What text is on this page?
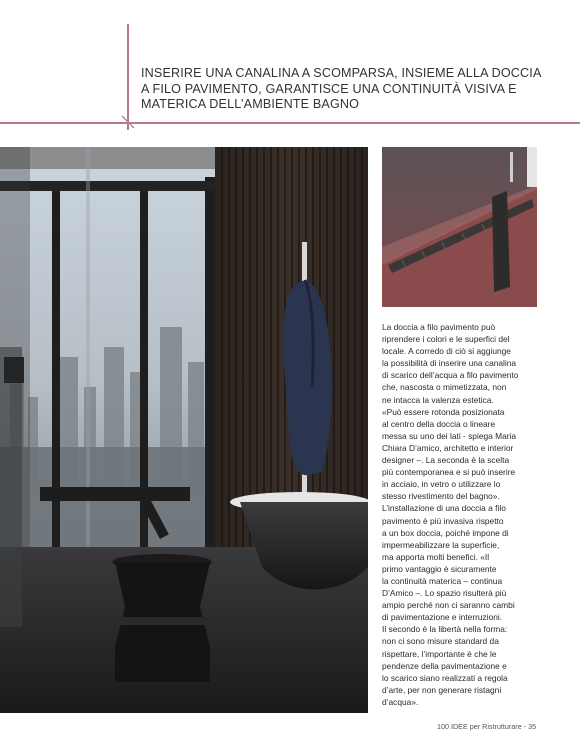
INSERIRE UNA CANALINA A SCOMPARSA, INSIEME ALLA DOCCIA
A FILO PAVIMENTO, GARANTISCE UNA CONTINUITÀ VISIVA E
MATERICA DELL’AMBIENTE BAGNO
La doccia a filo pavimento può
riprendere i colori e le superfici del
locale. A corredo di ciò si aggiunge
la possibilità di inserire una canalina
di scarico dell’acqua a filo pavimento
che, nascosta o mimetizzata, non
ne intacca la valenza estetica.
«Può essere rotonda posizionata
al centro della doccia o lineare
messa su uno dei lati - spiega Maria
Chiara D’amico, architetto e interior
designer –. La seconda è la scelta
più contemporanea e si può inserire
in acciaio, in vetro o utilizzare lo
stesso rivestimento del bagno».
L’installazione di una doccia a filo
pavimento è più invasiva rispetto
a un box doccia, poiché impone di
impermeabilizzare la superficie,
ma apporta molti benefici. «Il
primo vantaggio è sicuramente
la continuità materica – continua
D’Amico –. Lo spazio risulterà più
ampio perché non ci saranno cambi
di pavimentazione e interruzioni.
Il secondo è la libertà nella forma:
non ci sono misure standard da
rispettare, l’importante è che le
pendenze della pavimentazione e
lo scarico siano realizzati a regola
d’arte, per non generare ristagni
d’acqua».

100 IDEE per Ristrutturare - 35
